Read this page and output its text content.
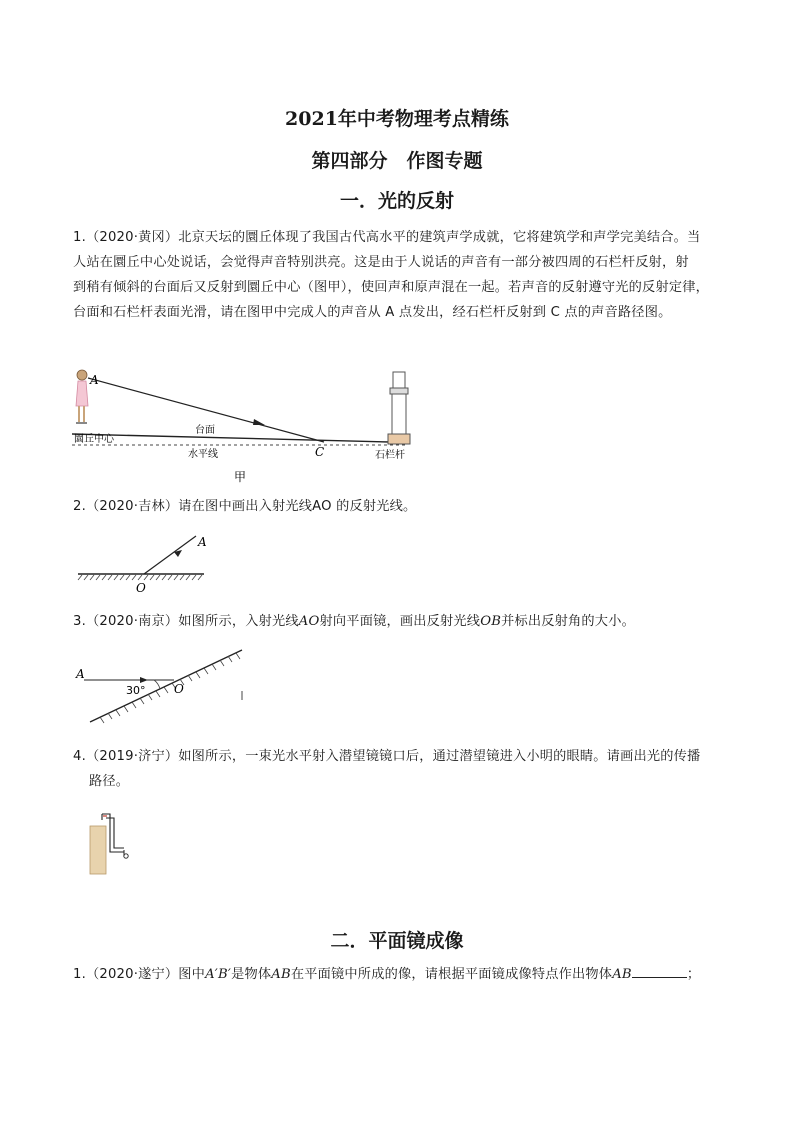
2021年中考物理考点精练
第四部分　作图专题
一．光的反射
1.（2020·黄冈）北京天坛的圜丘体现了我国古代高水平的建筑声学成就，它将建筑学和声学完美结合。当
人站在圜丘中心处说话，会觉得声音特别洪亮。这是由于人说话的声音有一部分被四周的石栏杆反射，射
到稍有倾斜的台面后又反射到圜丘中心（图甲），使回声和原声混在一起。若声音的反射遵守光的反射定律，
台面和石栏杆表面光滑，请在图甲中完成人的声音从 A 点发出，经石栏杆反射到 C 点的声音路径图。
A
C
台面
圜丘中心
水平线	石栏杆
甲
2.（2020·吉林）请在图中画出入射光线AO 的反射光线。
A
O
3.（2020·南京）如图所示，入射光线AO射向平面镜，画出反射光线OB并标出反射角的大小。
A
O
30°
4.（2019·济宁）如图所示，一束光水平射入潜望镜镜口后，通过潜望镜进入小明的眼睛。请画出光的传播
路径。
二．平面镜成像
1.（2020·遂宁）图中A′B′是物体AB在平面镜中所成的像，请根据平面镜成像特点作出物体AB	；
